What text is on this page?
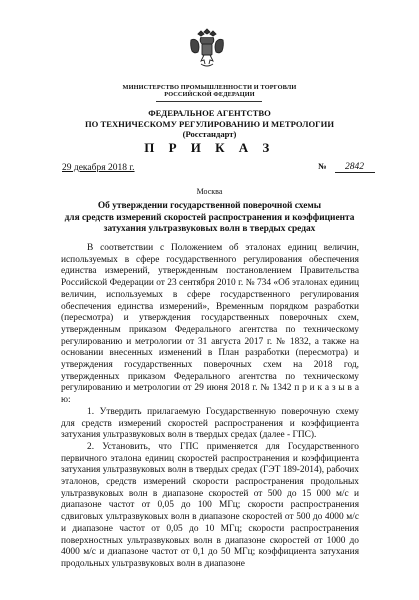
МИНИСТЕРСТВО ПРОМЫШЛЕННОСТИ И ТОРГОВЛИ
РОССИЙСКОЙ ФЕДЕРАЦИИ
ФЕДЕРАЛЬНОЕ АГЕНТСТВО
ПО ТЕХНИЧЕСКОМУ РЕГУЛИРОВАНИЮ И МЕТРОЛОГИИ
(Росстандарт)
П Р И К А З
29 декабря 2018 г.	№ 2842
Москва
Об утверждении государственной поверочной схемы
для средств измерений скоростей распространения и коэффициента
затухания ультразвуковых волн в твердых средах

В соответствии с Положением об эталонах единиц величин, используемых в сфере государственного регулирования обеспечения единства измерений, утвержденным постановлением Правительства Российской Федерации от 23 сентября 2010 г. № 734 «Об эталонах единиц величин, используемых в сфере государственного регулирования обеспечения единства измерений», Временным порядком разработки (пересмотра) и утверждения государственных поверочных схем, утвержденным приказом Федерального агентства по техническому регулированию и метрологии от 31 августа 2017 г. № 1832, а также на основании внесенных изменений в План разработки (пересмотра) и утверждения государственных поверочных схем на 2018 год, утвержденных приказом Федерального агентства по техническому регулированию и метрологии от 29 июня 2018 г. № 1342 п р и к а з ы в а ю:

1. Утвердить прилагаемую Государственную поверочную схему для средств измерений скоростей распространения и коэффициента затухания ультразвуковых волн в твердых средах (далее - ГПС).

2. Установить, что ГПС применяется для Государственного первичного эталона единиц скоростей распространения и коэффициента затухания ультразвуковых волн в твердых средах (ГЭТ 189-2014), рабочих эталонов, средств измерений скорости распространения продольных ультразвуковых волн в диапазоне скоростей от 500 до 15 000 м/с и диапазоне частот от 0,05 до 100 МГц; скорости распространения сдвиговых ультразвуковых волн в диапазоне скоростей от 500 до 4000 м/с и диапазоне частот от 0,05 до 10 МГц; скорости распространения поверхностных ультразвуковых волн в диапазоне скоростей от 1000 до 4000 м/с и диапазоне частот от 0,1 до 50 МГц; коэффициента затухания продольных ультразвуковых волн в диапазоне
